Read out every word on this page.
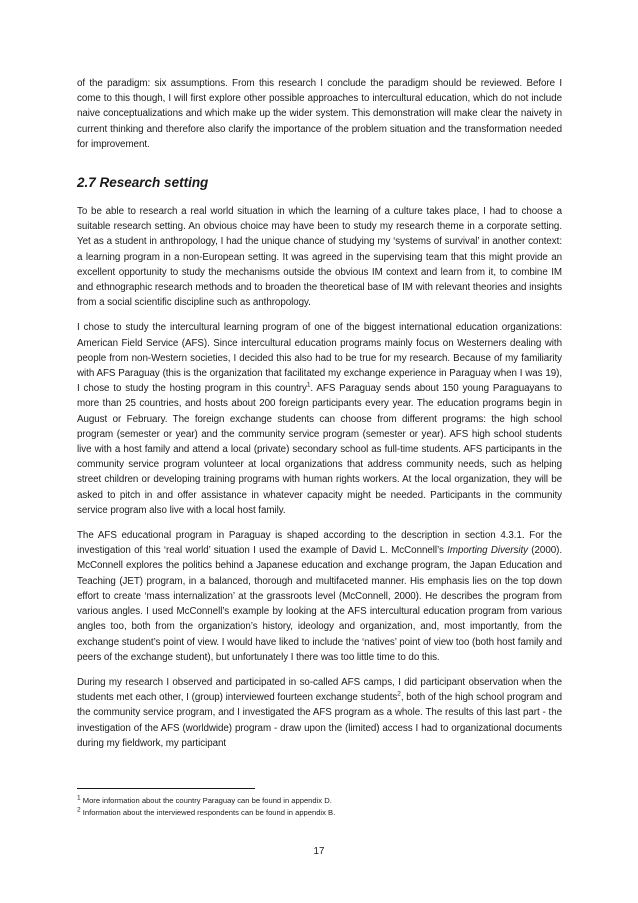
of the paradigm: six assumptions. From this research I conclude the paradigm should be reviewed. Before I come to this though, I will first explore other possible approaches to intercultural education, which do not include naive conceptualizations and which make up the wider system. This demonstration will make clear the naivety in current thinking and therefore also clarify the importance of the problem situation and the transformation needed for improvement.

2.7 Research setting

To be able to research a real world situation in which the learning of a culture takes place, I had to choose a suitable research setting. An obvious choice may have been to study my research theme in a corporate setting. Yet as a student in anthropology, I had the unique chance of studying my ‘systems of survival’ in another context: a learning program in a non-European setting. It was agreed in the supervising team that this might provide an excellent opportunity to study the mechanisms outside the obvious IM context and learn from it, to combine IM and ethnographic research methods and to broaden the theoretical base of IM with relevant theories and insights from a social scientific discipline such as anthropology.

I chose to study the intercultural learning program of one of the biggest international education organizations: American Field Service (AFS). Since intercultural education programs mainly focus on Westerners dealing with people from non-Western societies, I decided this also had to be true for my research. Because of my familiarity with AFS Paraguay (this is the organization that facilitated my exchange experience in Paraguay when I was 19), I chose to study the hosting program in this country$^1$. AFS Paraguay sends about 150 young Paraguayans to more than 25 countries, and hosts about 200 foreign participants every year. The education programs begin in August or February. The foreign exchange students can choose from different programs: the high school program (semester or year) and the community service program (semester or year). AFS high school students live with a host family and attend a local (private) secondary school as full-time students. AFS participants in the community service program volunteer at local organizations that address community needs, such as helping street children or developing training programs with human rights workers. At the local organization, they will be asked to pitch in and offer assistance in whatever capacity might be needed. Participants in the community service program also live with a local host family.

The AFS educational program in Paraguay is shaped according to the description in section 4.3.1. For the investigation of this ‘real world’ situation I used the example of David L. McConnell’s Importing Diversity (2000). McConnell explores the politics behind a Japanese education and exchange program, the Japan Education and Teaching (JET) program, in a balanced, thorough and multifaceted manner. His emphasis lies on the top down effort to create ‘mass internalization’ at the grassroots level (McConnell, 2000). He describes the program from various angles. I used McConnell’s example by looking at the AFS intercultural education program from various angles too, both from the organization’s history, ideology and organization, and, most importantly, from the exchange student’s point of view. I would have liked to include the ‘natives’ point of view too (both host family and peers of the exchange student), but unfortunately I there was too little time to do this.

During my research I observed and participated in so-called AFS camps, I did participant observation when the students met each other, I (group) interviewed fourteen exchange students$^2$, both of the high school program and the community service program, and I investigated the AFS program as a whole. The results of this last part - the investigation of the AFS (worldwide) program - draw upon the (limited) access I had to organizational documents during my fieldwork, my participant

$^1$ More information about the country Paraguay can be found in appendix D.

$^2$ Information about the interviewed respondents can be found in appendix B.

17
